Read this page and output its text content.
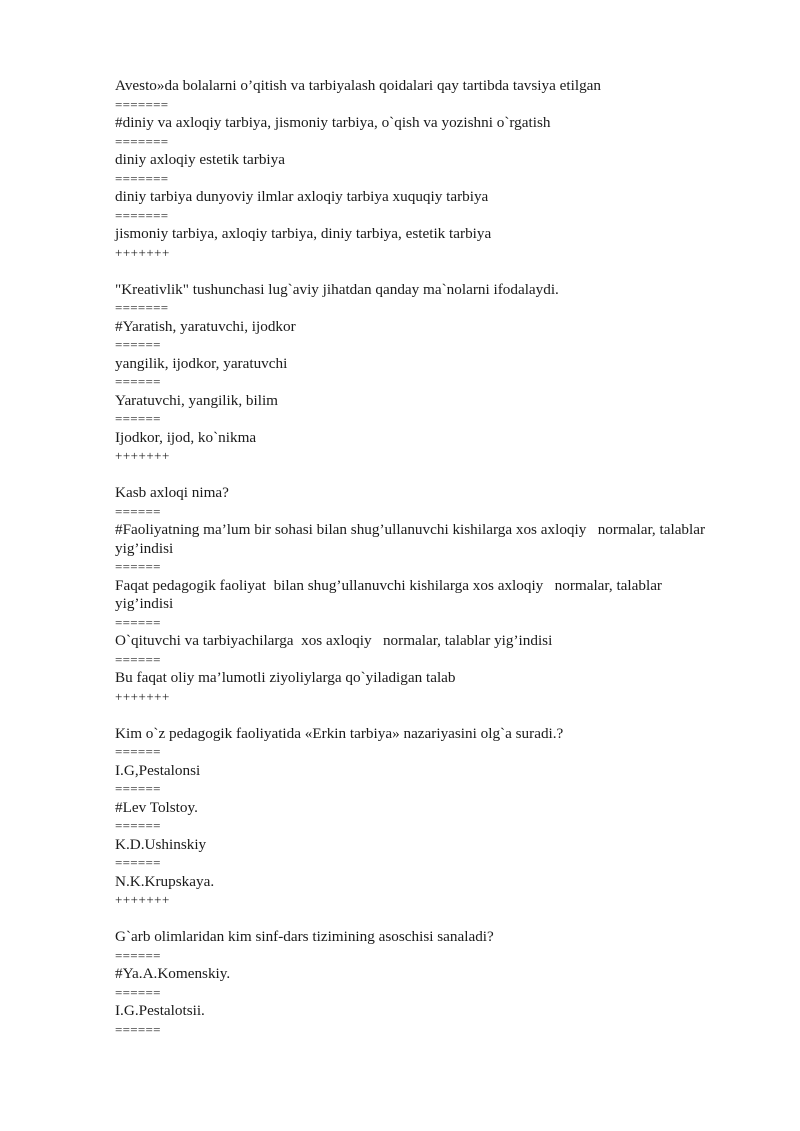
Avesto»da bolalarni o’qitish va tarbiyalash qoidalari qay tartibda tavsiya etilgan

=======

#diniy va axloqiy tarbiya, jismoniy tarbiya, o`qish va yozishni o`rgatish

=======

diniy axloqiy estetik tarbiya

=======

diniy tarbiya dunyoviy ilmlar axloqiy tarbiya xuquqiy tarbiya

=======

jismoniy tarbiya, axloqiy tarbiya, diniy tarbiya, estetik tarbiya

+++++++

"Kreativlik" tushunchasi lug`aviy jihatdan qanday ma`nolarni ifodalaydi.

=======

#Yaratish, yaratuvchi, ijodkor

======

yangilik, ijodkor, yaratuvchi

======

Yaratuvchi, yangilik, bilim

======

Ijodkor, ijod, ko`nikma

+++++++

Kasb axloqi nima?

======

#Faoliyatning ma’lum bir sohasi bilan shug’ullanuvchi kishilarga xos axloqiy   normalar, talablar yig’indisi

======

Faqat pedagogik faoliyat  bilan shug’ullanuvchi kishilarga xos axloqiy   normalar, talablar
yig’indisi

======

O`qituvchi va tarbiyachilarga  xos axloqiy   normalar, talablar yig’indisi

======

Bu faqat oliy ma’lumotli ziyoliylarga qo`yiladigan talab

+++++++

Kim o`z pedagogik faoliyatida «Erkin tarbiya» nazariyasini olg`a suradi.?

======

I.G,Pestalonsi

======

#Lev Tolstoy.

======

K.D.Ushinskiy

======

N.K.Krupskaya.

+++++++

G`arb olimlaridan kim sinf-dars tizimining asoschisi sanaladi?

======

#Ya.A.Komenskiy.

======

I.G.Pestalotsii.

======
